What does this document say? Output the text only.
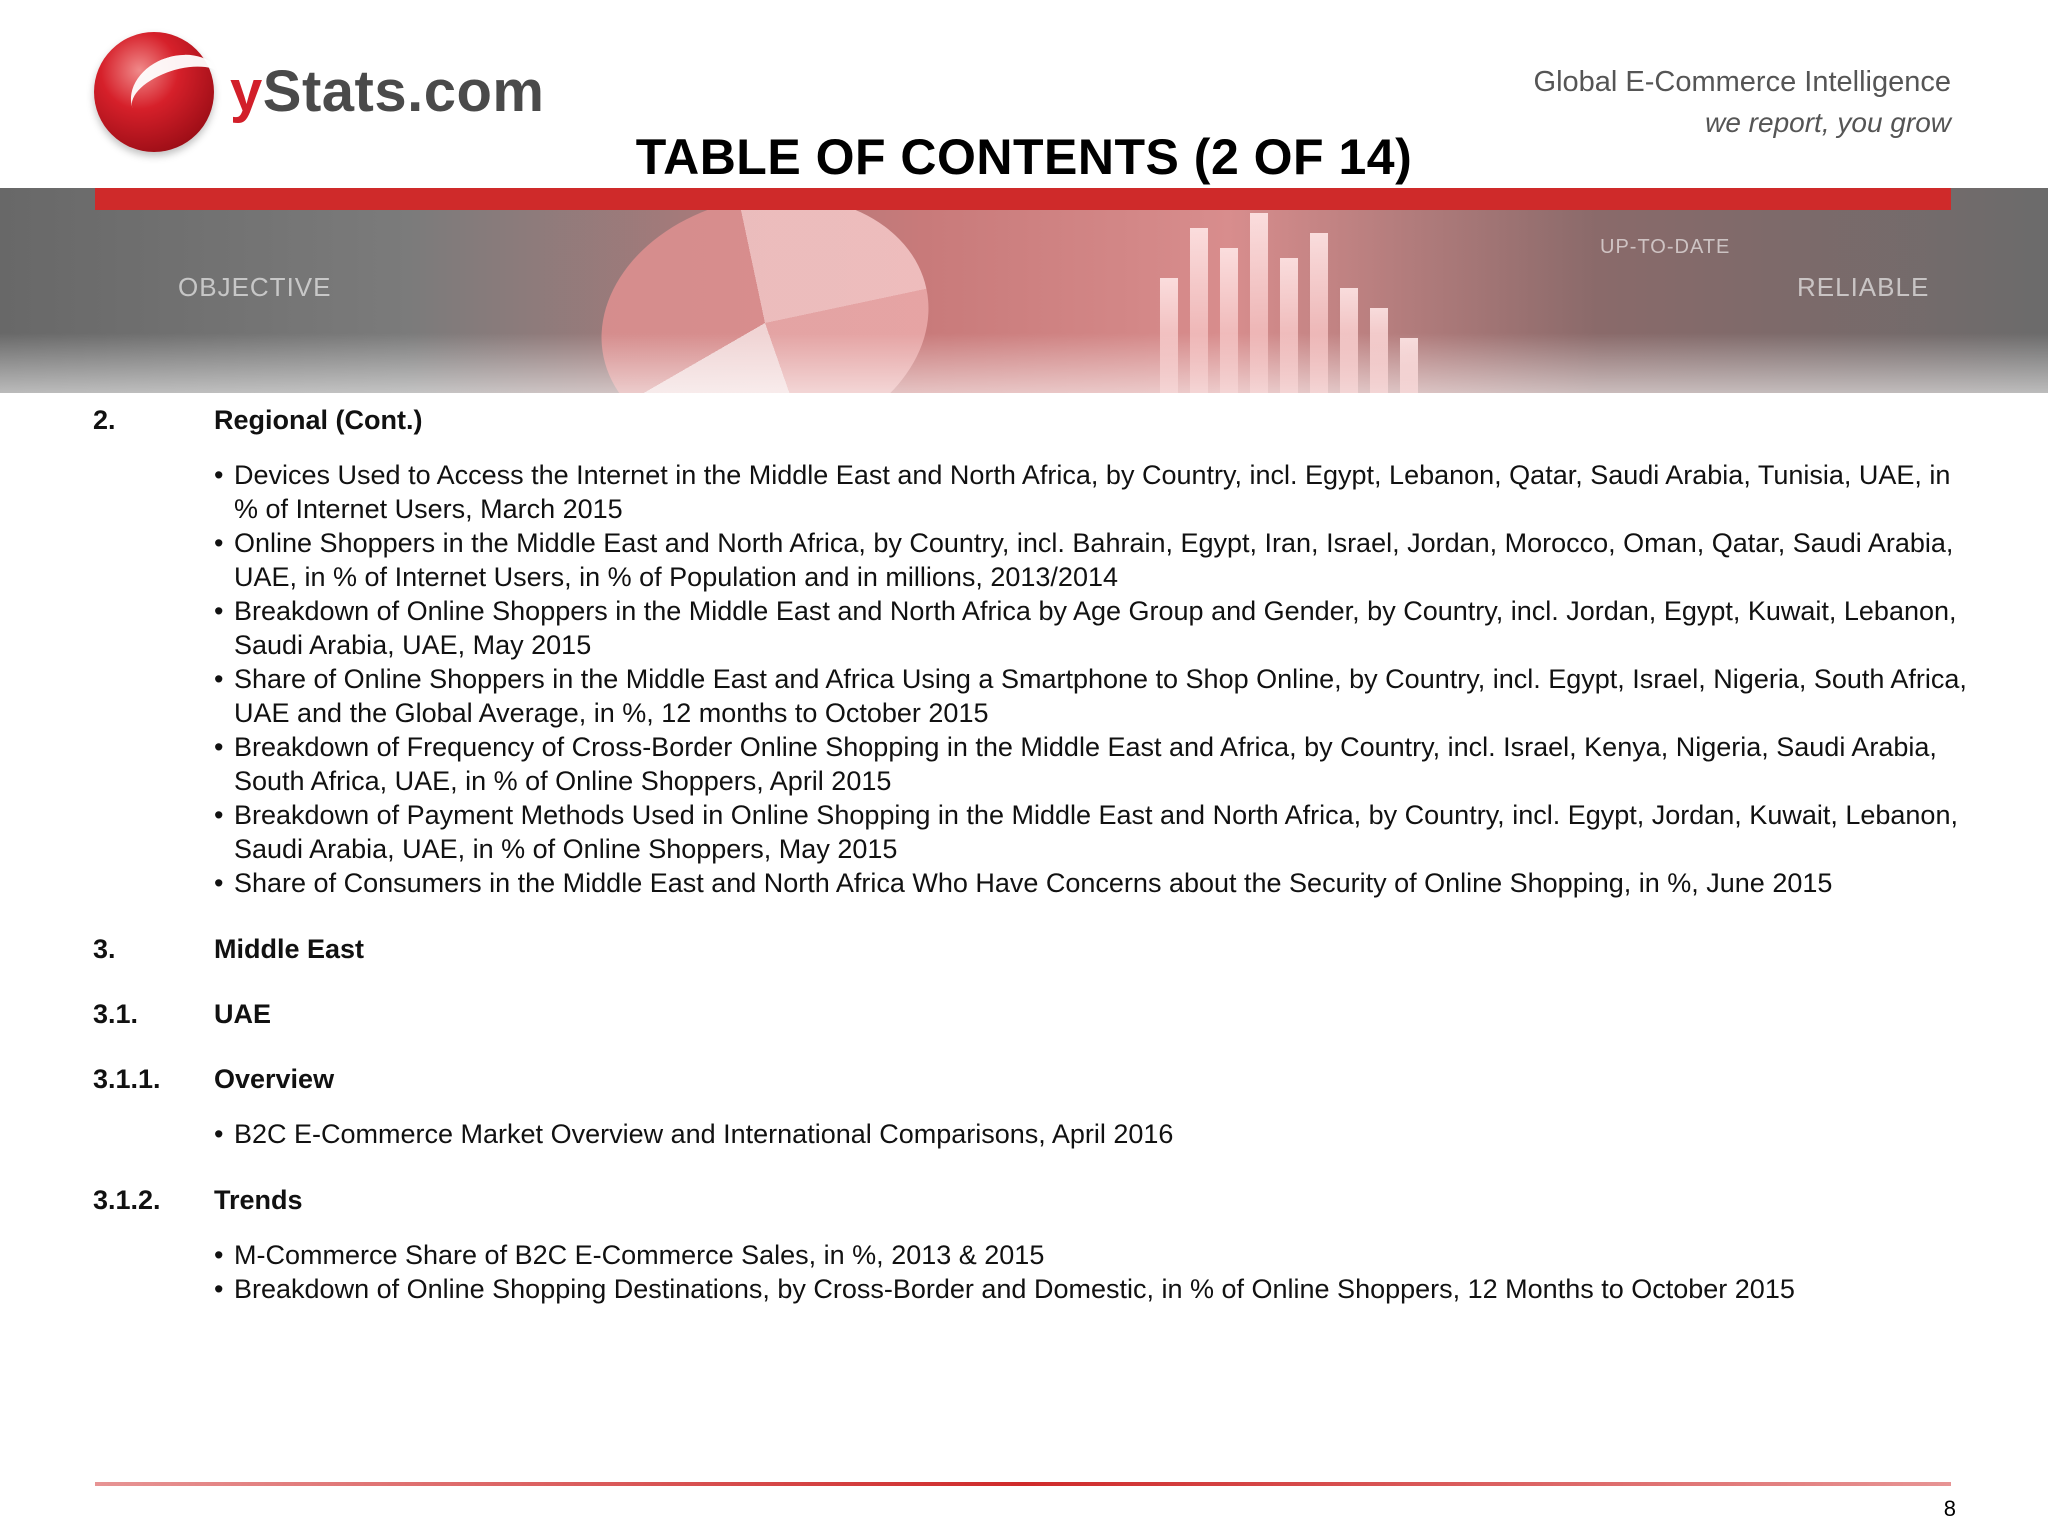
yStats.com	Global E-Commerce Intelligence
we report, you grow
OBJECTIVE	RELIABLE
UP-TO-DATE
TABLE OF CONTENTS (2 OF 14)
2.	Regional (Cont.)
• Devices Used to Access the Internet in the Middle East and North Africa, by Country, incl. Egypt, Lebanon, Qatar, Saudi Arabia, Tunisia, UAE, in % of Internet Users, March 2015
• Online Shoppers in the Middle East and North Africa, by Country, incl. Bahrain, Egypt, Iran, Israel, Jordan, Morocco, Oman, Qatar, Saudi Arabia, UAE, in % of Internet Users, in % of Population and in millions, 2013/2014
• Breakdown of Online Shoppers in the Middle East and North Africa by Age Group and Gender, by Country, incl. Jordan, Egypt, Kuwait, Lebanon, Saudi Arabia, UAE, May 2015
• Share of Online Shoppers in the Middle East and Africa Using a Smartphone to Shop Online, by Country, incl. Egypt, Israel, Nigeria, South Africa, UAE and the Global Average, in %, 12 months to October 2015
• Breakdown of Frequency of Cross-Border Online Shopping in the Middle East and Africa, by Country, incl. Israel, Kenya, Nigeria, Saudi Arabia, South Africa, UAE, in % of Online Shoppers, April 2015
• Breakdown of Payment Methods Used in Online Shopping in the Middle East and North Africa, by Country, incl. Egypt, Jordan, Kuwait, Lebanon, Saudi Arabia, UAE, in % of Online Shoppers, May 2015
• Share of Consumers in the Middle East and North Africa Who Have Concerns about the Security of Online Shopping, in %, June 2015
3.	Middle East
3.1.	UAE
3.1.1.	Overview
• B2C E-Commerce Market Overview and International Comparisons, April 2016
3.1.2.	Trends
• M-Commerce Share of B2C E-Commerce Sales, in %, 2013 & 2015
• Breakdown of Online Shopping Destinations, by Cross-Border and Domestic, in % of Online Shoppers, 12 Months to October 2015
8
